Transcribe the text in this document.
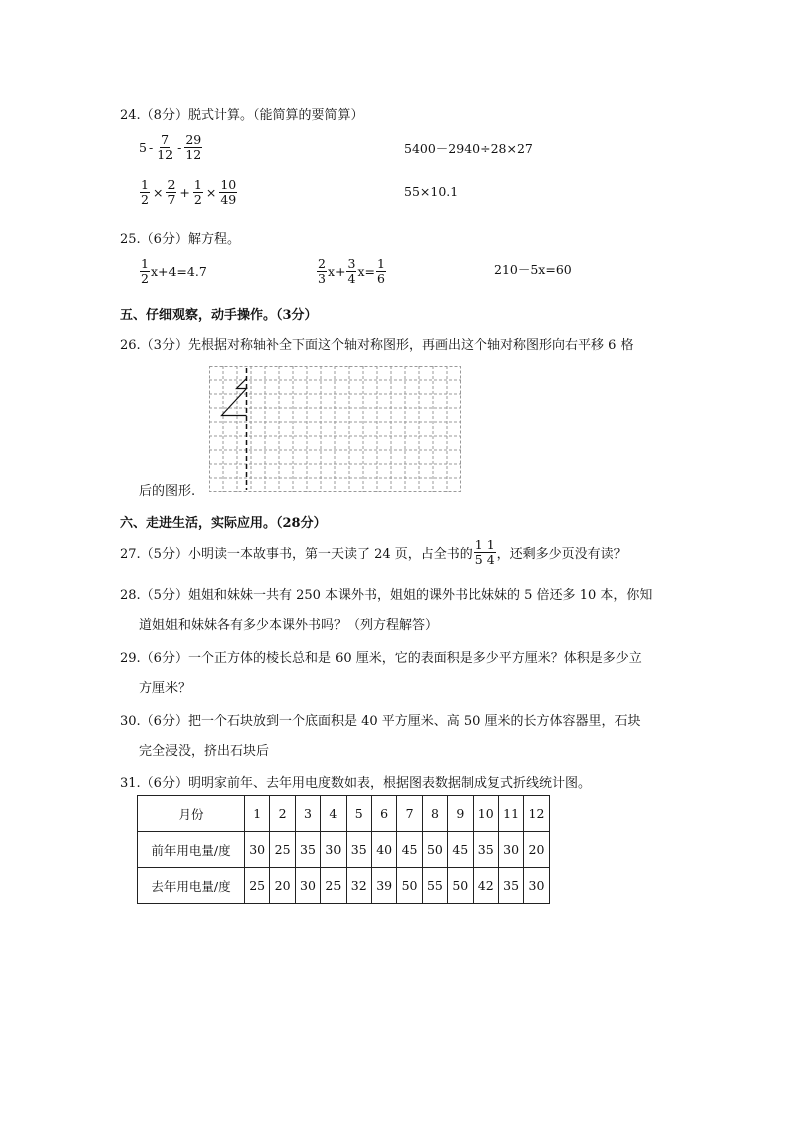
24.（8分）脱式计算。（能简算的要简算）
$5 - \frac{7}{12} - \frac{29}{12}$	5400－2940÷28×27
$\frac{1}{2} \times \frac{2}{7} + \frac{1}{2} \times \frac{10}{49}$	55×10.1
25.（6分）解方程。
$\frac{1}{2} x+4=4.7$	$\frac{2}{3} x+ \frac{3}{4} x= \frac{1}{6}$	210－5x=60
五、仔细观察，动手操作。（3分）
26.（3分）先根据对称轴补全下面这个轴对称图形，再画出这个轴对称图形向右平移 6 格
后的图形.
六、走进生活，实际应用。（28分）
27.（5分）小明读一本故事书，第一天读了 24 页，占全书的 $\frac{1 1}{5 4}$ ，还剩多少页没有读？
28.（5分）姐姐和妹妹一共有 250 本课外书，姐姐的课外书比妹妹的 5 倍还多 10 本，你知
道姐姐和妹妹各有多少本课外书吗？（列方程解答）
29.（6分）一个正方体的棱长总和是 60 厘米，它的表面积是多少平方厘米？体积是多少立
方厘米？
30.（6分）把一个石块放到一个底面积是 40 平方厘米、高 50 厘米的长方体容器里，石块
完全浸没，挤出石块后
31.（6分）明明家前年、去年用电度数如表，根据图表数据制成复式折线统计图。
月份	1	2	3	4	5	6	7	8	9	10	11	12
前年用电量/度	30	25	35	30	35	40	45	50	45	35	30	20
去年用电量/度	25	20	30	25	32	39	50	55	50	42	35	30
